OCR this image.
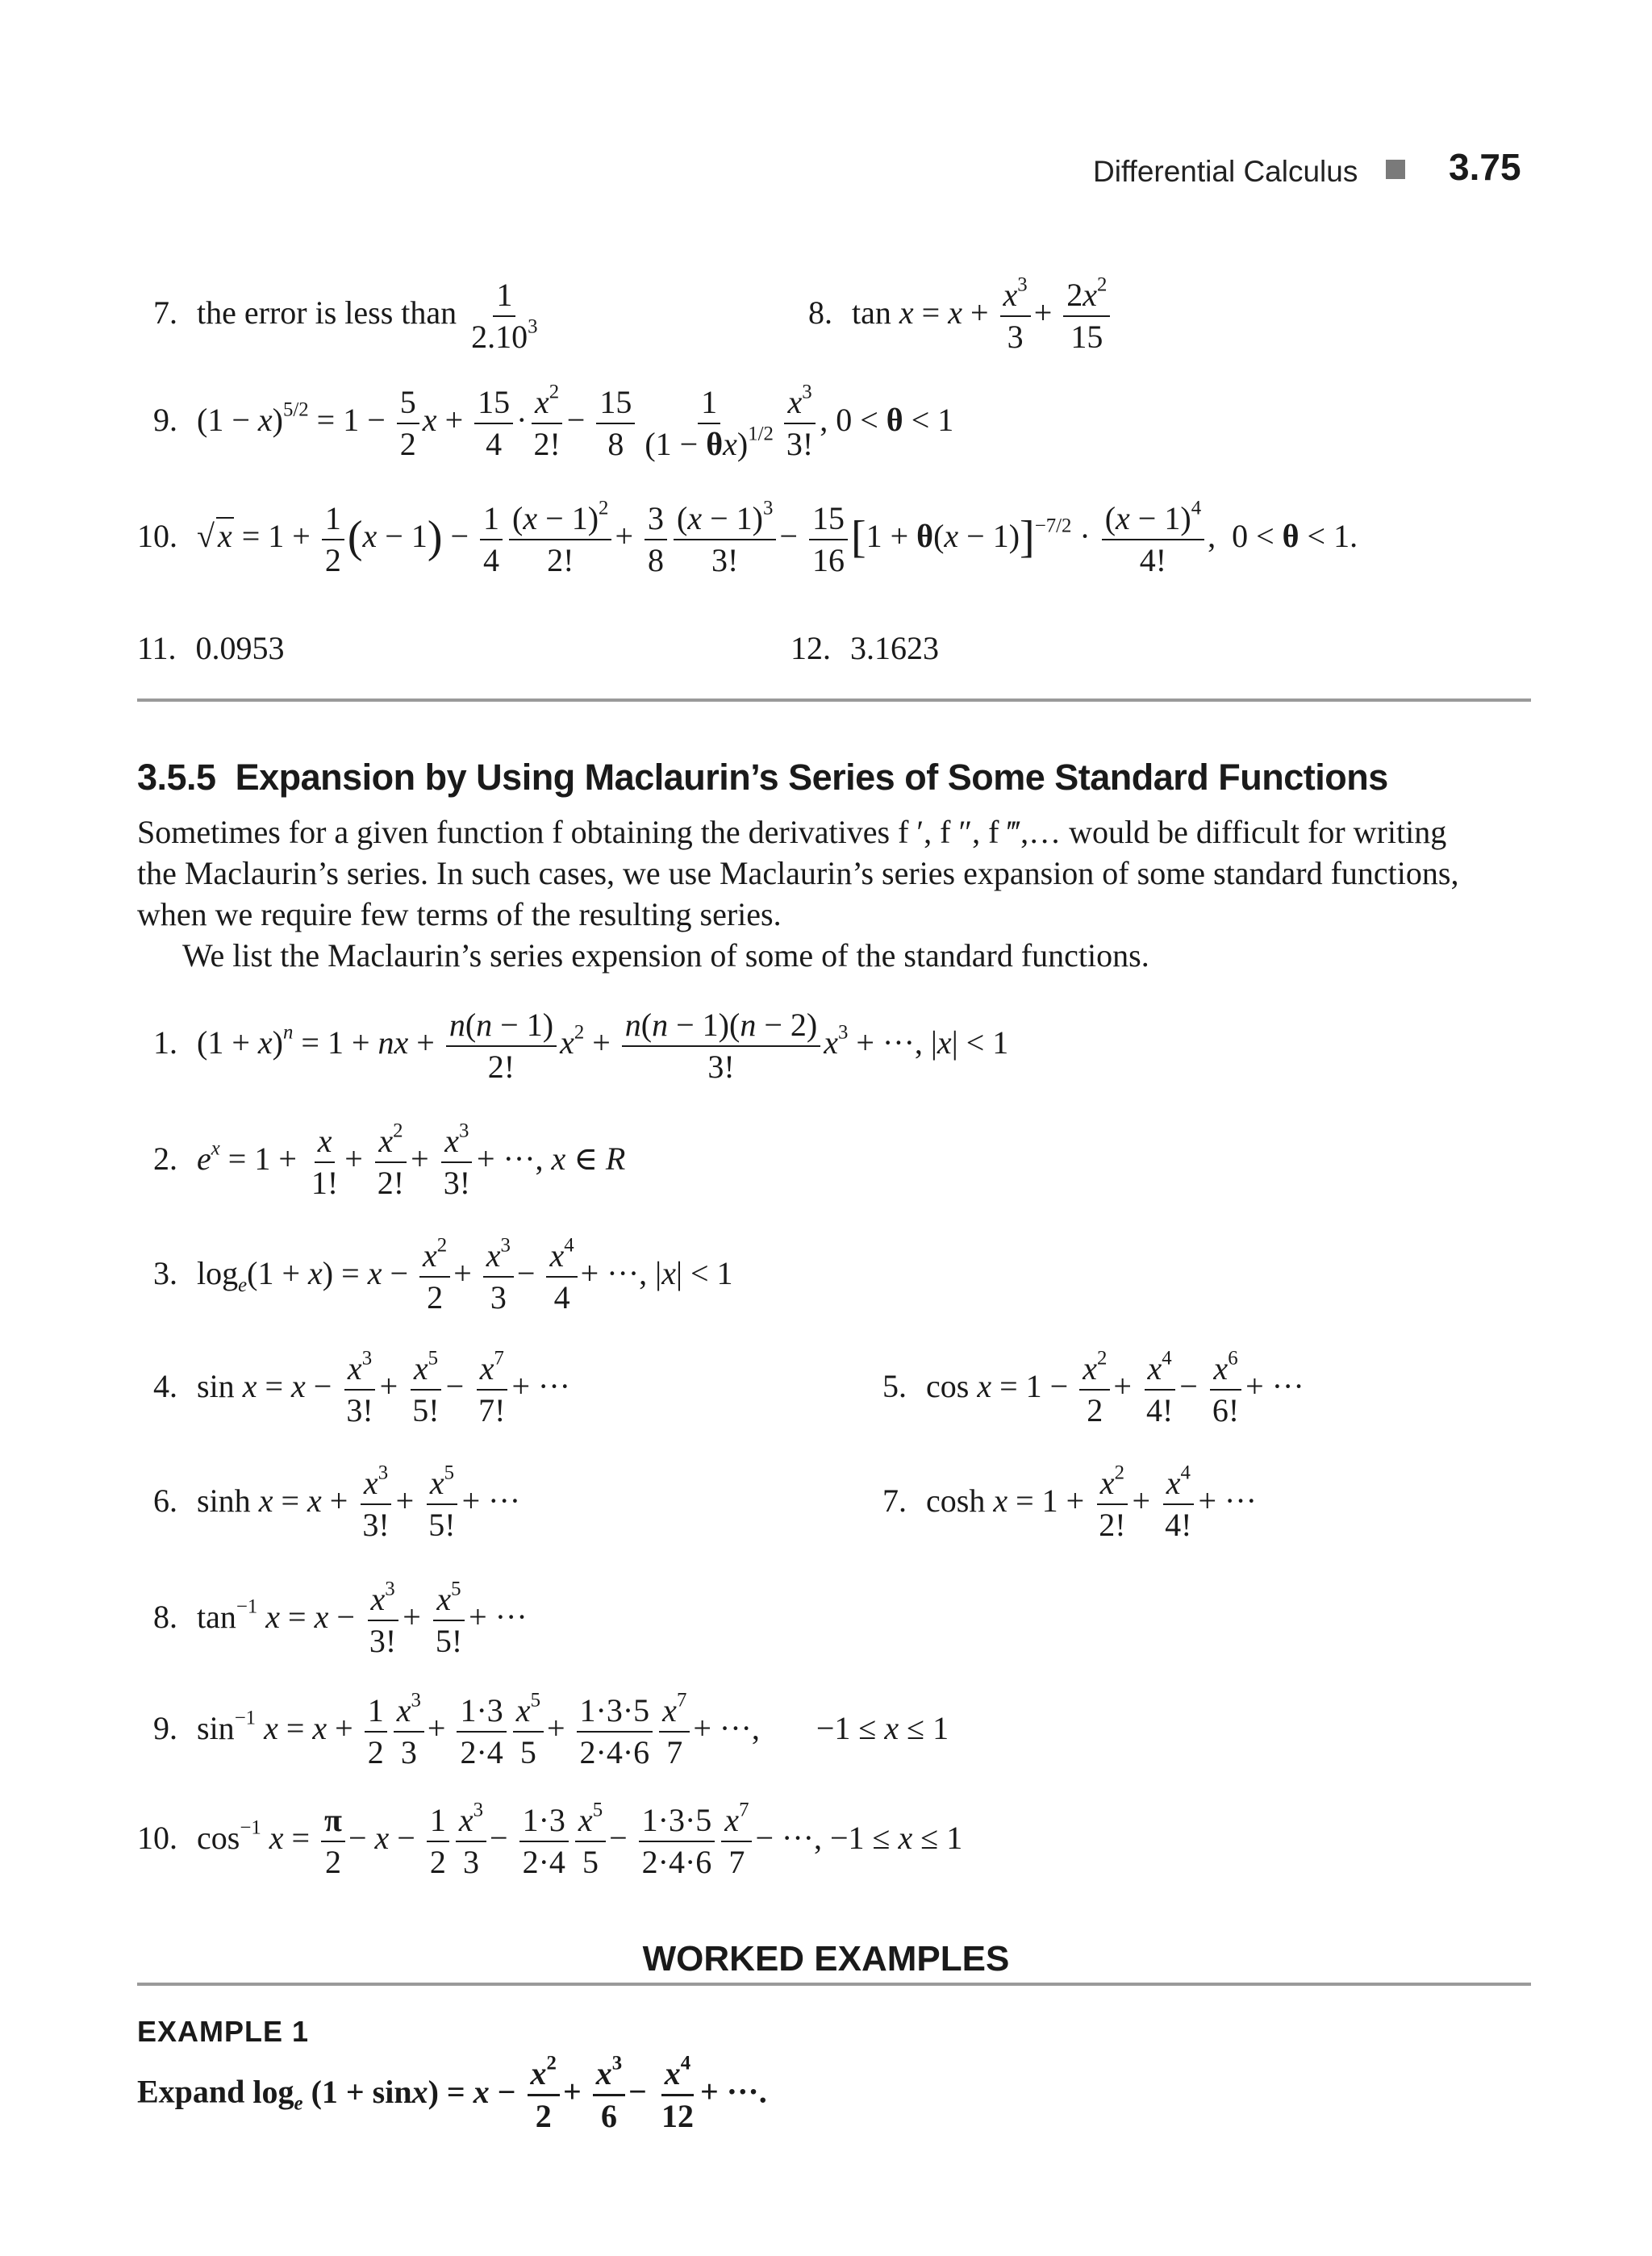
Differential Calculus 3.75
7. the error is less than $\frac{1}{2.10^3}$	8. $\tan x = x + \frac{x^3}{3} + \frac{2x^2}{15}$
9. $(1 - x)^{5/2} = 1 - \frac{5}{2}$ $x + \frac{15}{4} \cdot \frac{x^2}{2!} - \frac{15}{8} \frac{1}{(1 - \theta x)^{1/2}} \frac{x^3}{3!}$ , 0 < θ < 1
10. √ $x = 1 + \frac{1}{2} (x - 1) - \frac{1}{4} \frac{(x - 1)^2}{2!} + \frac{3}{8} \frac{(x - 1)^3}{3!} - \frac{15}{16} [1 + \theta(x - 1)]^{-7/2} \cdot \frac{(x - 1)^4}{4!}$ ,  0 < θ < 1.
11. 0.0953	12. 3.1623
3.5.5 Expansion by Using Maclaurin’s Series of Some Standard Functions
Sometimes for a given function f obtaining the derivatives f ′, f ″, f ‴,… would be difficult for writing
the Maclaurin’s series. In such cases, we use Maclaurin’s series expansion of some standard functions,
when we require few terms of the resulting series.
We list the Maclaurin’s series expension of some of the standard functions.
1. $(1 + x)^n = 1$ + nx + $\frac{n(n - 1)}{2!} x^2 + \frac{n(n - 1)(n - 2)}{3!} x^3$ + ···, |x| < 1
2. $e^x = 1 + \frac{x}{1!} + \frac{x^2}{2!} + \frac{x^3}{3!}$ + ···, x ∈ R
3. $\log_e(1 + x) = x - \frac{x^2}{2} + \frac{x^3}{3} - \frac{x^4}{4}$ + ···, |x| < 1
4. $\sin x = x - \frac{x^3}{3!} + \frac{x^5}{5!} - \frac{x^7}{7!}$ + ···	5. $\cos x = 1 - \frac{x^2}{2} + \frac{x^4}{4!} - \frac{x^6}{6!}$ + ···
6. $\sinh x = x + \frac{x^3}{3!} + \frac{x^5}{5!}$ + ···	7. $\cosh x = 1 + \frac{x^2}{2!} + \frac{x^4}{4!}$ + ···
8. $\tan^{-1} x = x - \frac{x^3}{3!} + \frac{x^5}{5!}$ + ···
9. $\sin^{-1} x = x + \frac{1}{2} \frac{x^3}{3} + \frac{1\cdot 3}{2\cdot 4} \frac{x^5}{5} + \frac{1\cdot 3\cdot 5}{2\cdot 4\cdot 6} \frac{x^7}{7}$ + ···,       −1 ≤ x ≤ 1
10. $\cos^{-1} x = \frac{\pi}{2} - x - \frac{1}{2} \frac{x^3}{3} - \frac{1\cdot 3}{2\cdot 4} \frac{x^5}{5} - \frac{1\cdot 3\cdot 5}{2\cdot 4\cdot 6} \frac{x^7}{7}$ − ···, −1 ≤ x ≤ 1
WORKED EXAMPLES
EXAMPLE 1
Expand $\log_e (1 + \sin x) = x - \frac{x^2}{2} + \frac{x^3}{6} - \frac{x^4}{12}$ + ···.
